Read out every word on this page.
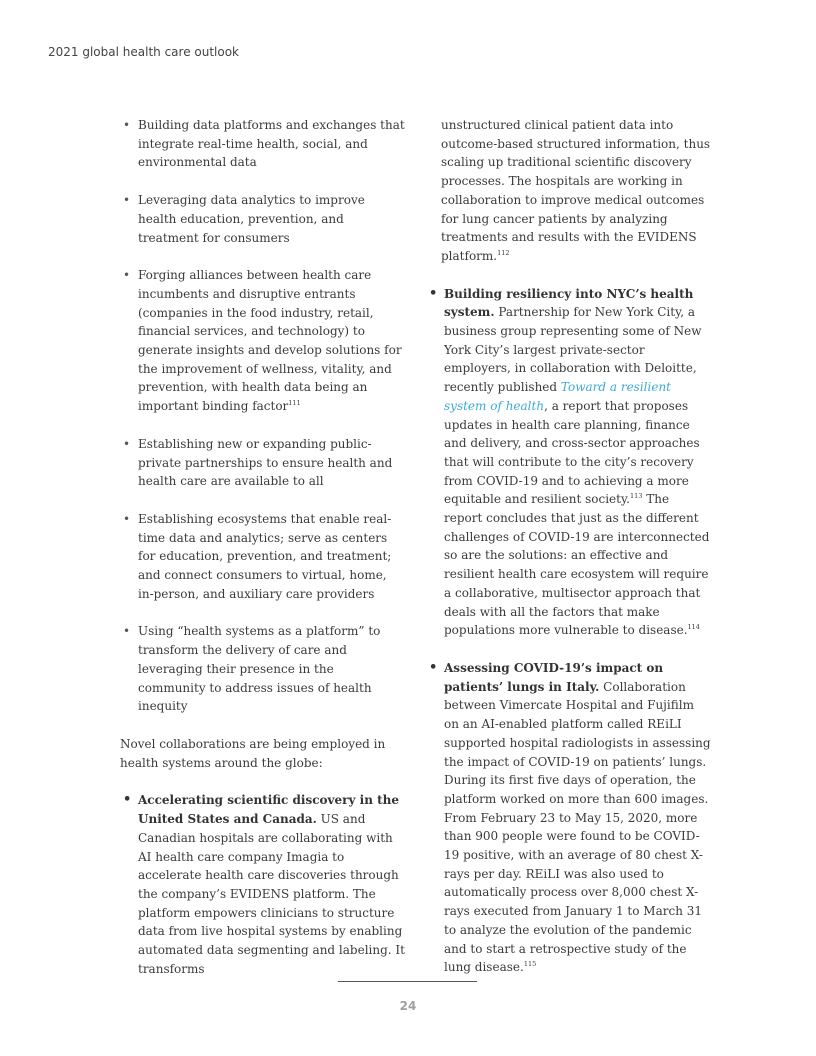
2021 global health care outlook
• Building data platforms and exchanges that integrate real-time health, social, and environmental data
• Leveraging data analytics to improve health education, prevention, and treatment for consumers
• Forging alliances between health care incumbents and disruptive entrants (companies in the food industry, retail, financial services, and technology) to generate insights and develop solutions for the improvement of wellness, vitality, and prevention, with health data being an important binding factor$^{111}$
• Establishing new or expanding public-private partnerships to ensure health and health care are available to all
• Establishing ecosystems that enable real-time data and analytics; serve as centers for education, prevention, and treatment; and connect consumers to virtual, home, in-person, and auxiliary care providers
• Using “health systems as a platform” to transform the delivery of care and leveraging their presence in the community to address issues of health inequity

Novel collaborations are being employed in health systems around the globe:

• Accelerating scientific discovery in the United States and Canada. US and Canadian hospitals are collaborating with AI health care company Imagia to accelerate health care discoveries through the company’s EVIDENS platform. The platform empowers clinicians to structure data from live hospital systems by enabling automated data segmenting and labeling. It transforms

unstructured clinical patient data into outcome-based structured information, thus scaling up traditional scientific discovery processes. The hospitals are working in collaboration to improve medical outcomes for lung cancer patients by analyzing treatments and results with the EVIDENS platform.$^{112}$

• Building resiliency into NYC’s health system. Partnership for New York City, a business group representing some of New York City’s largest private-sector employers, in collaboration with Deloitte, recently published Toward a resilient system of health, a report that proposes updates in health care planning, finance and delivery, and cross-sector approaches that will contribute to the city’s recovery from COVID-19 and to achieving a more equitable and resilient society.$^{113}$ The report concludes that just as the different challenges of COVID-19 are interconnected so are the solutions: an effective and resilient health care ecosystem will require a collaborative, multisector approach that deals with all the factors that make populations more vulnerable to disease.$^{114}$
• Assessing COVID-19’s impact on patients’ lungs in Italy. Collaboration between Vimercate Hospital and Fujifilm on an AI-enabled platform called REiLI supported hospital radiologists in assessing the impact of COVID-19 on patients’ lungs. During its first five days of operation, the platform worked on more than 600 images. From February 23 to May 15, 2020, more than 900 people were found to be COVID-19 positive, with an average of 80 chest X-rays per day. REiLI was also used to automatically process over 8,000 chest X-rays executed from January 1 to March 31 to analyze the evolution of the pandemic and to start a retrospective study of the lung disease.$^{115}$
24
